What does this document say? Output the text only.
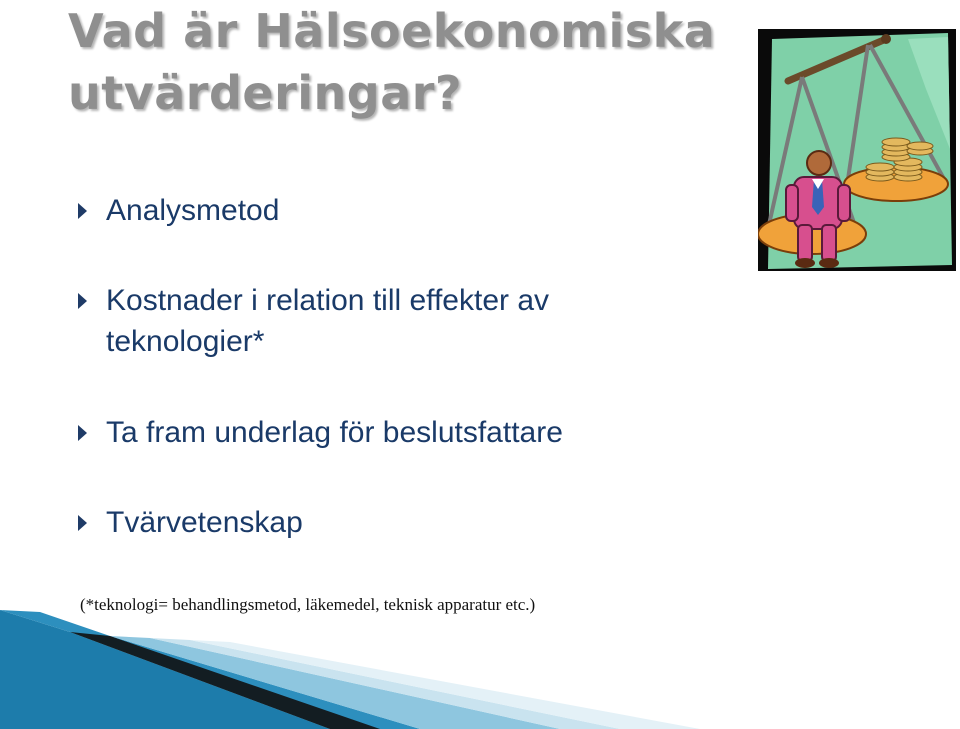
Vad är Hälsoekonomiska
utvärderingar?
Analysmetod
Kostnader i relation till effekter av
teknologier*
Ta fram underlag för beslutsfattare
Tvärvetenskap

(*teknologi= behandlingsmetod, läkemedel, teknisk apparatur etc.)
